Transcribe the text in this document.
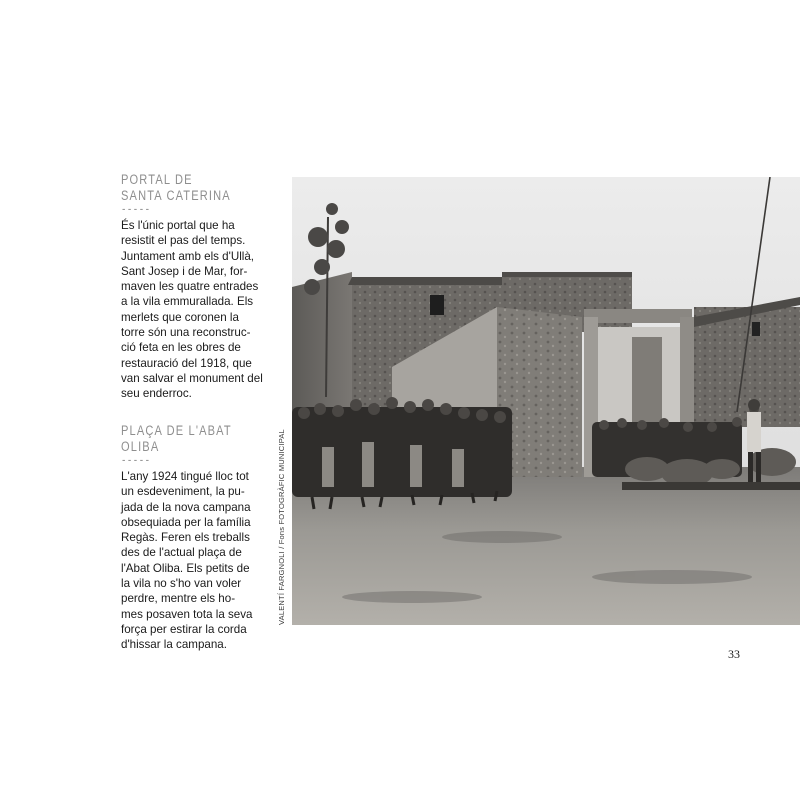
PORTAL DE
SANTA CATERINA
-----
És l'únic portal que ha
resistit el pas del temps.
Juntament amb els d'Ullà,
Sant Josep i de Mar, for-
maven les quatre entrades
a la vila emmurallada. Els
merlets que coronen la
torre són una reconstruc-
ció feta en les obres de
restauració del 1918, que
van salvar el monument del
seu enderroc.
PLAÇA DE L'ABAT OLIBA
-----
L'any 1924 tingué lloc tot
un esdeveniment, la pu-
jada de la nova campana
obsequiada per la família
Regàs. Feren els treballs
des de l'actual plaça de
l'Abat Oliba. Els petits de
la vila no s'ho van voler
perdre, mentre els ho-
mes posaven tota la seva
força per estirar la corda
d'hissar la campana.
VALENTÍ FARGNOLI / Fons FOTOGRÀFIC MUNICIPAL
33
